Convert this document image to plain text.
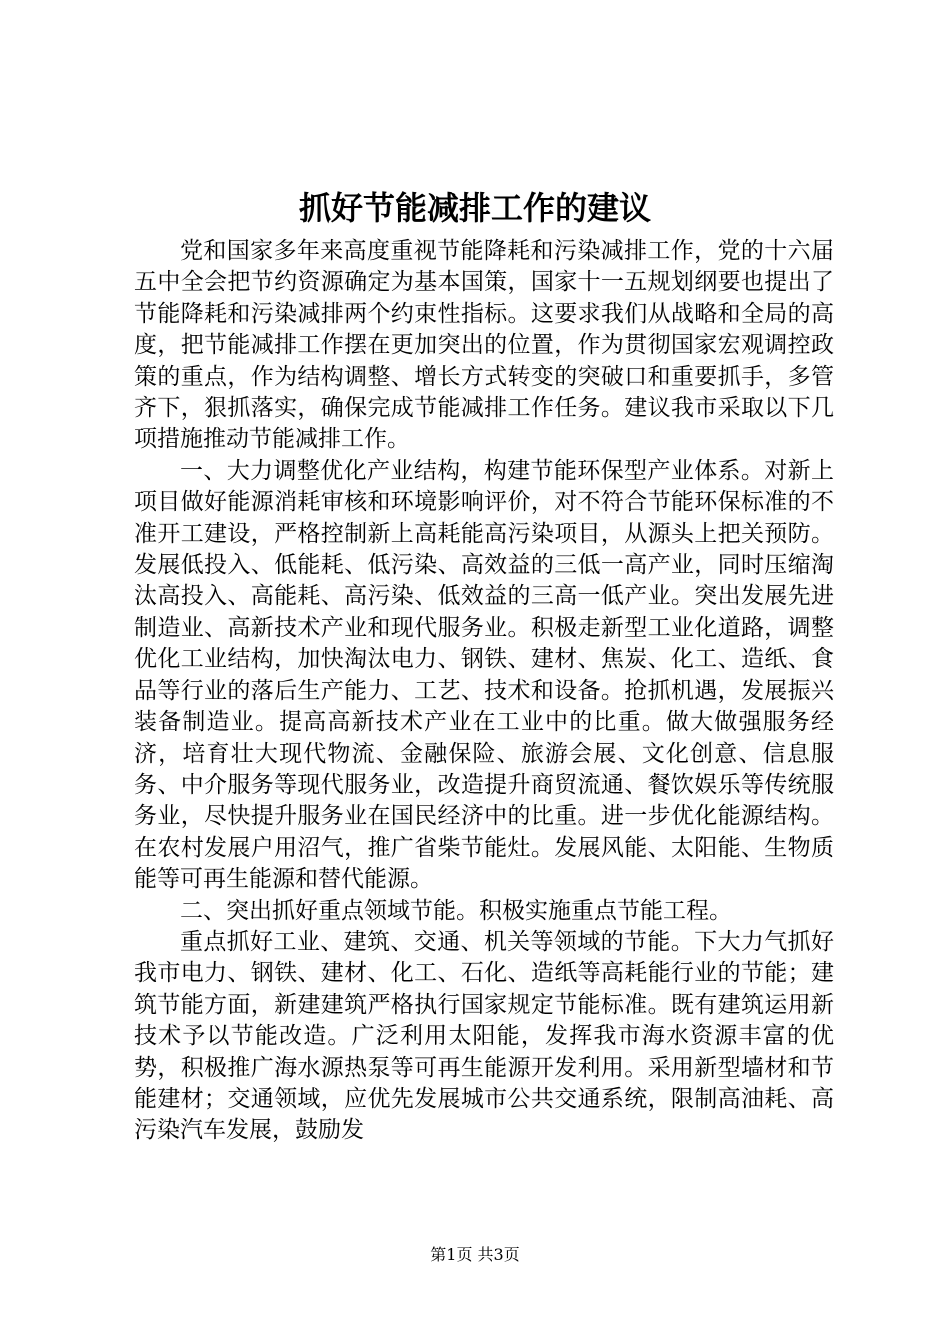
抓好节能减排工作的建议

党和国家多年来高度重视节能降耗和污染减排工作，党的十六届五中全会把节约资源确定为基本国策，国家十一五规划纲要也提出了节能降耗和污染减排两个约束性指标。这要求我们从战略和全局的高度，把节能减排工作摆在更加突出的位置，作为贯彻国家宏观调控政策的重点，作为结构调整、增长方式转变的突破口和重要抓手，多管齐下，狠抓落实，确保完成节能减排工作任务。建议我市采取以下几项措施推动节能减排工作。

一、大力调整优化产业结构，构建节能环保型产业体系。对新上项目做好能源消耗审核和环境影响评价，对不符合节能环保标准的不准开工建设，严格控制新上高耗能高污染项目，从源头上把关预防。发展低投入、低能耗、低污染、高效益的三低一高产业，同时压缩淘汰高投入、高能耗、高污染、低效益的三高一低产业。突出发展先进制造业、高新技术产业和现代服务业。积极走新型工业化道路，调整优化工业结构，加快淘汰电力、钢铁、建材、焦炭、化工、造纸、食品等行业的落后生产能力、工艺、技术和设备。抢抓机遇，发展振兴装备制造业。提高高新技术产业在工业中的比重。做大做强服务经济，培育壮大现代物流、金融保险、旅游会展、文化创意、信息服务、中介服务等现代服务业，改造提升商贸流通、餐饮娱乐等传统服务业，尽快提升服务业在国民经济中的比重。进一步优化能源结构。在农村发展户用沼气，推广省柴节能灶。发展风能、太阳能、生物质能等可再生能源和替代能源。

二、突出抓好重点领域节能。积极实施重点节能工程。

重点抓好工业、建筑、交通、机关等领域的节能。下大力气抓好我市电力、钢铁、建材、化工、石化、造纸等高耗能行业的节能；建筑节能方面，新建建筑严格执行国家规定节能标准。既有建筑运用新技术予以节能改造。广泛利用太阳能，发挥我市海水资源丰富的优势，积极推广海水源热泵等可再生能源开发利用。采用新型墙材和节能建材；交通领域，应优先发展城市公共交通系统，限制高油耗、高污染汽车发展，鼓励发

第1页 共3页
